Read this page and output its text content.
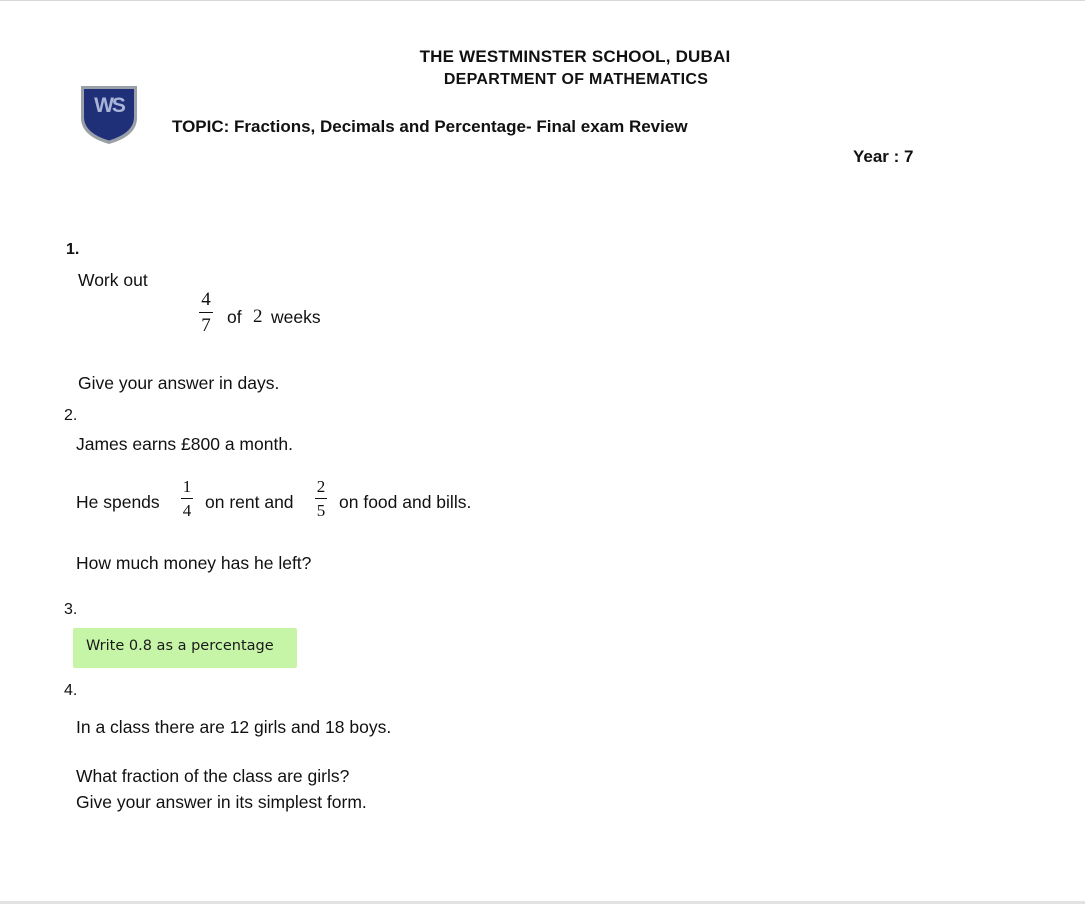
THE WESTMINSTER SCHOOL, DUBAI
DEPARTMENT OF MATHEMATICS
WS
TOPIC: Fractions, Decimals and Percentage- Final exam Review
Year : 7
1.
Work out
4
7 of 2 weeks
Give your answer in days.
2.
James earns £800 a month.
He spends
1
4 on rent and
2
5 on food and bills.
How much money has he left?
3.
Write 0.8 as a percentage
4.
In a class there are 12 girls and 18 boys.
What fraction of the class are girls?
Give your answer in its simplest form.
